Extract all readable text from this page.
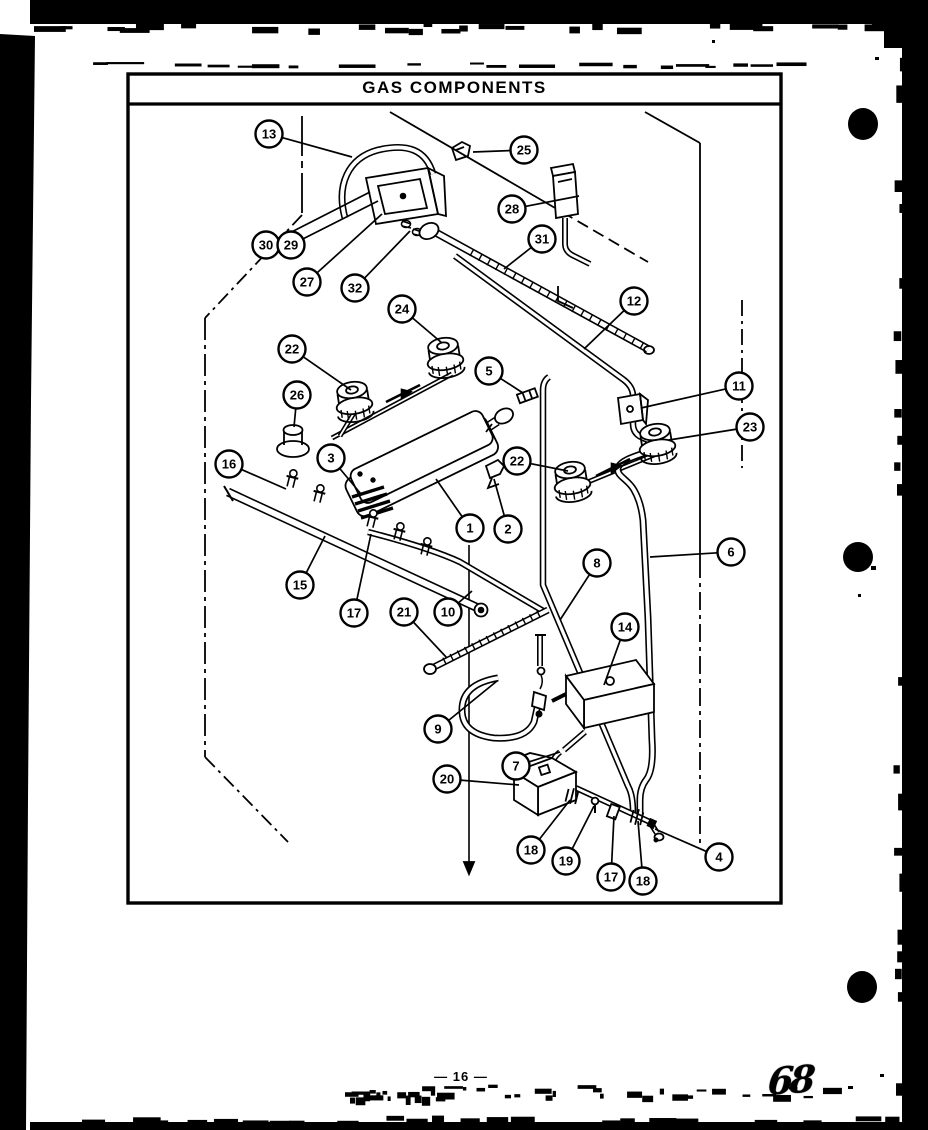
13
25
28
30 29
27	32
31
12
24
22
26
5
11
23
16	3	22
2
1
15
17	21 10
6
8
14
9
7
20
18
19
17 18
4
GAS COMPONENTS
— 16 —	68
